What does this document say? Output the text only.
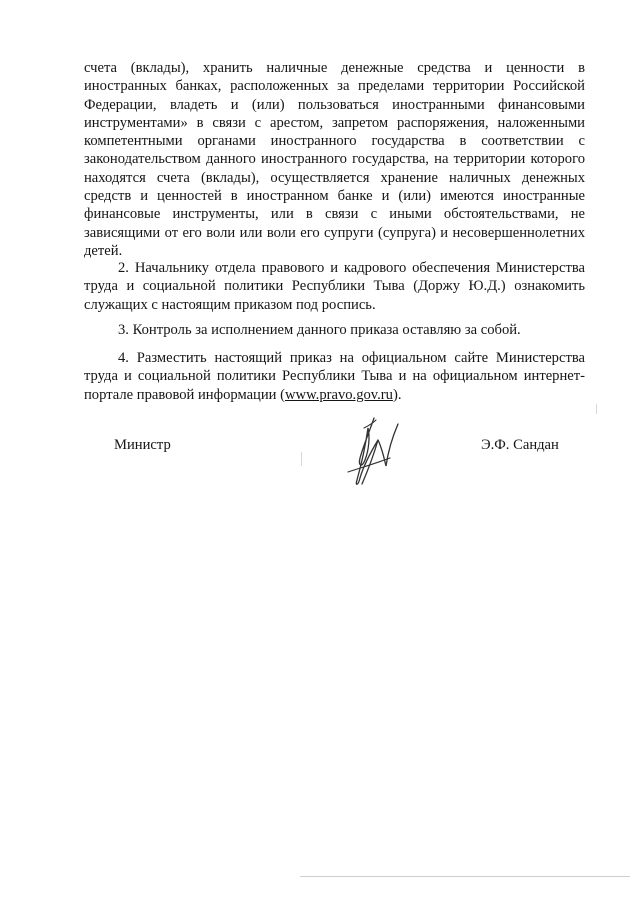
счета (вклады), хранить наличные денежные средства и ценности в иностранных банках, расположенных за пределами территории Российской Федерации, владеть и (или) пользоваться иностранными финансовыми инструментами» в связи с арестом, запретом распоряжения, наложенными компетентными органами иностранного государства в соответствии с законодательством данного иностранного государства, на территории которого находятся счета (вклады), осуществляется хранение наличных денежных средств и ценностей в иностранном банке и (или) имеются иностранные финансовые инструменты, или в связи с иными обстоятельствами, не зависящими от его воли или воли его супруги (супруга) и несовершеннолетних детей.

2. Начальнику отдела правового и кадрового обеспечения Министерства труда и социальной политики Республики Тыва (Доржу Ю.Д.) ознакомить служащих с настоящим приказом под роспись.

3. Контроль за исполнением данного приказа оставляю за собой.

4. Разместить настоящий приказ на официальном сайте Министерства труда и социальной политики Республики Тыва и на официальном интернет-портале правовой информации (www.pravo.gov.ru).

Министр	Э.Ф. Сандан
